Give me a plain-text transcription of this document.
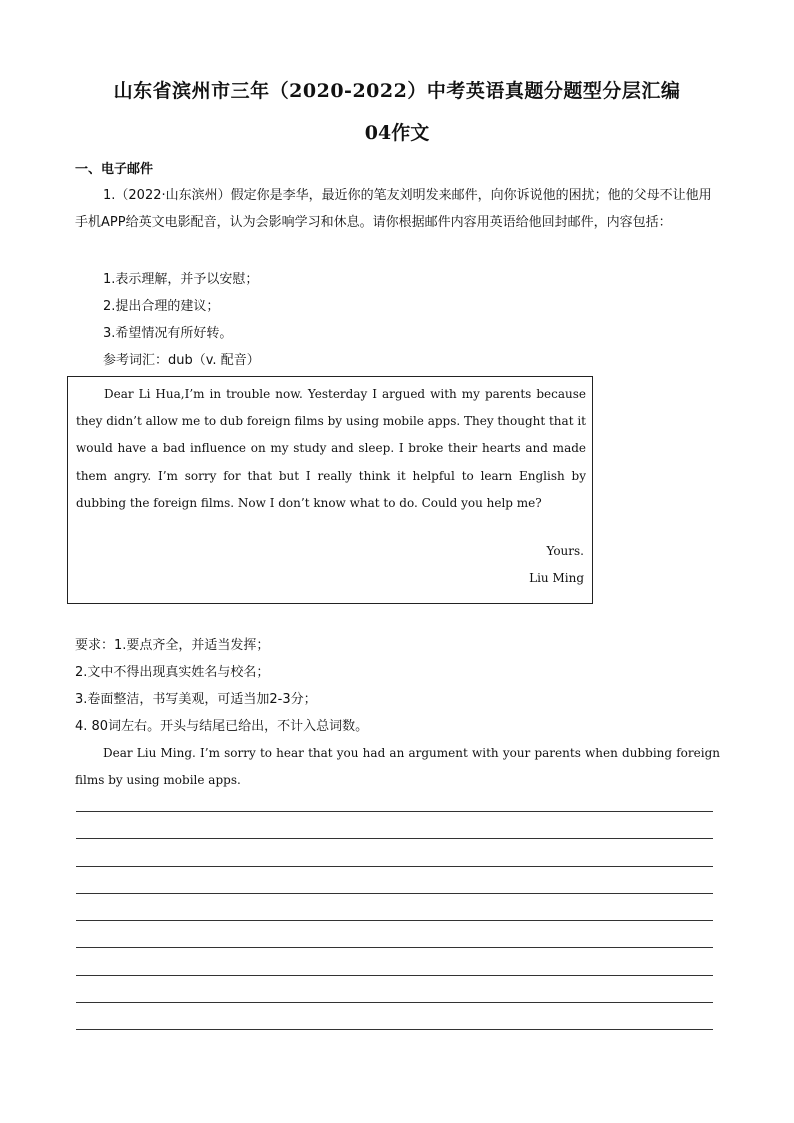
山东省滨州市三年（2020-2022）中考英语真题分题型分层汇编
04作文
一、电子邮件
1.（2022·山东滨州）假定你是李华，最近你的笔友刘明发来邮件，向你诉说他的困扰；他的父母不让他用手机APP给英文电影配音，认为会影响学习和休息。请你根据邮件内容用英语给他回封邮件，内容包括：
1.表示理解，并予以安慰；
2.提出合理的建议；
3.希望情况有所好转。
参考词汇：dub（v. 配音）
Dear Li Hua,I’m in trouble now. Yesterday I argued with my parents because they didn’t allow me to dub foreign films by using mobile apps. They thought that it would have a bad influence on my study and sleep. I broke their hearts and made them angry. I’m sorry for that but I really think it helpful to learn English by dubbing the foreign films. Now I don’t know what to do. Could you help me?
Yours.
Liu Ming
要求：1.要点齐全，并适当发挥；
2.文中不得出现真实姓名与校名；
3.卷面整洁，书写美观，可适当加2-3分；
4. 80词左右。开头与结尾已给出，不计入总词数。
Dear Liu Ming. I’m sorry to hear that you had an argument with your parents when dubbing foreign films by using mobile apps.
